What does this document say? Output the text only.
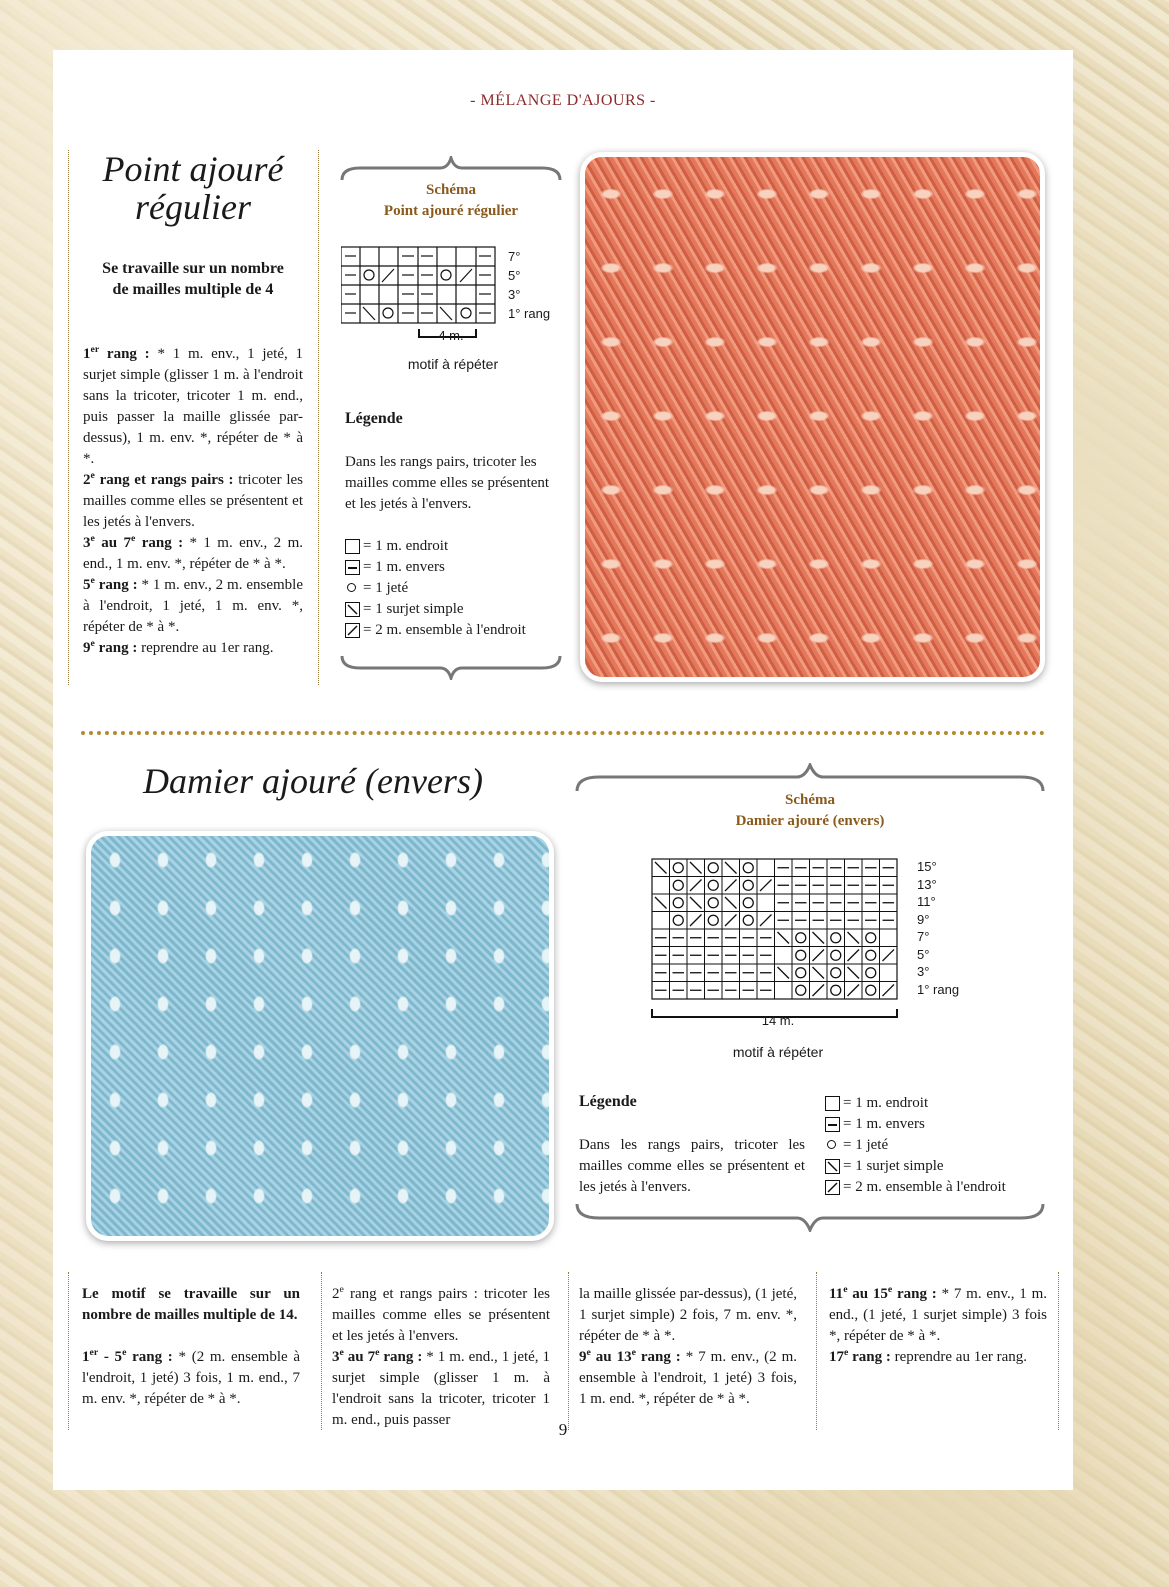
- MÉLANGE D'AJOURS -
Point ajouré
régulier
Se travaille sur un nombre
de mailles multiple de 4

1er rang : * 1 m. env., 1 jeté, 1 surjet simple (glisser 1 m. à l'endroit sans la tricoter, tricoter 1 m. end., puis passer la maille glissée par-dessus), 1 m. env. *, répéter de * à *.

2e rang et rangs pairs : tricoter les mailles comme elles se présentent et les jetés à l'envers.

3e au 7e rang : * 1 m. env., 2 m. end., 1 m. env. *, répéter de * à *.

5e rang : * 1 m. env., 2 m. ensemble à l'endroit, 1 jeté, 1 m. env. *, répéter de * à *.

9e rang : reprendre au 1er rang.

Schéma
Point ajouré régulier
7°
5°
3°
1° rang
4 m.
motif à répéter
Légende
Dans les rangs pairs, tricoter les mailles comme elles se présentent et les jetés à l'envers.
= 1 m. endroit
= 1 m. envers
= 1 jeté
= 1 surjet simple
= 2 m. ensemble à l'endroit
Damier ajouré (envers)	Schéma
Damier ajouré (envers)
15°
13°
11°
9°
7°
5°
3°
1° rang
14 m.
motif à répéter
Légende
Dans les rangs pairs, tricoter les mailles comme elles se présentent et les jetés à l'envers.
= 1 m. endroit
= 1 m. envers
= 1 jeté
= 1 surjet simple
= 2 m. ensemble à l'endroit

Le motif se travaille sur un nombre de mailles multiple de 14.

1er - 5e rang : * (2 m. ensemble à l'endroit, 1 jeté) 3 fois, 1 m. end., 7 m. env. *, répéter de * à *.

2e rang et rangs pairs : tricoter les mailles comme elles se présentent et les jetés à l'envers.

3e au 7e rang : * 1 m. end., 1 jeté, 1 surjet simple (glisser 1 m. à l'endroit sans la tricoter, tricoter 1 m. end., puis passer

la maille glissée par-dessus), (1 jeté, 1 surjet simple) 2 fois, 7 m. env. *, répéter de * à *.

9e au 13e rang : * 7 m. env., (2 m. ensemble à l'endroit, 1 jeté) 3 fois, 1 m. end. *, répéter de * à *.

11e au 15e rang : * 7 m. env., 1 m. end., (1 jeté, 1 surjet simple) 3 fois *, répéter de * à *.

17e rang : reprendre au 1er rang.

9
